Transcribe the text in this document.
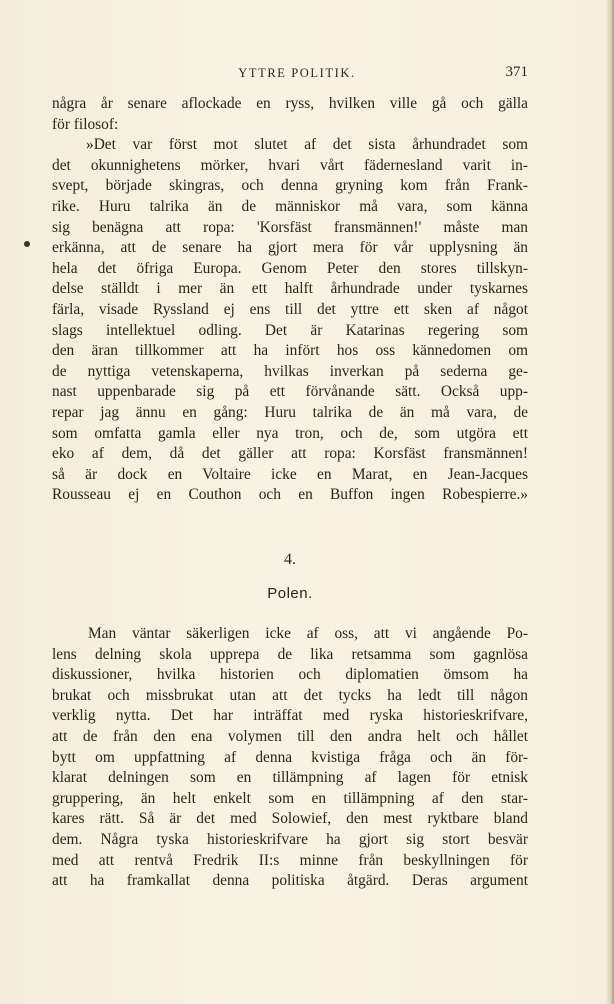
YTTRE POLITIK.	371
några år senare aflockade en ryss, hvilken ville gå och gälla
för filosof:
»Det var först mot slutet af det sista århundradet som
det okunnighetens mörker, hvari vårt fädernesland varit in-
svept, började skingras, och denna gryning kom från Frank-
rike. Huru talrika än de människor må vara, som känna
sig benägna att ropa: 'Korsfäst fransmännen!' måste man
erkänna, att de senare ha gjort mera för vår upplysning än
hela det öfriga Europa. Genom Peter den stores tillskyn-
delse ställdt i mer än ett halft århundrade under tyskarnes
färla, visade Ryssland ej ens till det yttre ett sken af något
slags intellektuel odling. Det är Katarinas regering som
den äran tillkommer att ha infört hos oss kännedomen om
de nyttiga vetenskaperna, hvilkas inverkan på sederna ge-
nast uppenbarade sig på ett förvånande sätt. Också upp-
repar jag ännu en gång: Huru talrika de än må vara, de
som omfatta gamla eller nya tron, och de, som utgöra ett
eko af dem, då det gäller att ropa: Korsfäst fransmännen!
så är dock en Voltaire icke en Marat, en Jean-Jacques
Rousseau ej en Couthon och en Buffon ingen Robespierre.»
4.
Polen.
Man väntar säkerligen icke af oss, att vi angående Po-
lens delning skola upprepa de lika retsamma som gagnlösa
diskussioner, hvilka historien och diplomatien ömsom ha
brukat och missbrukat utan att det tycks ha ledt till någon
verklig nytta. Det har inträffat med ryska historieskrifvare,
att de från den ena volymen till den andra helt och hållet
bytt om uppfattning af denna kvistiga fråga och än för-
klarat delningen som en tillämpning af lagen för etnisk
gruppering, än helt enkelt som en tillämpning af den star-
kares rätt. Så är det med Solowief, den mest ryktbare bland
dem. Några tyska historieskrifvare ha gjort sig stort besvär
med att rentvå Fredrik II:s minne från beskyllningen för
att ha framkallat denna politiska åtgärd. Deras argument
